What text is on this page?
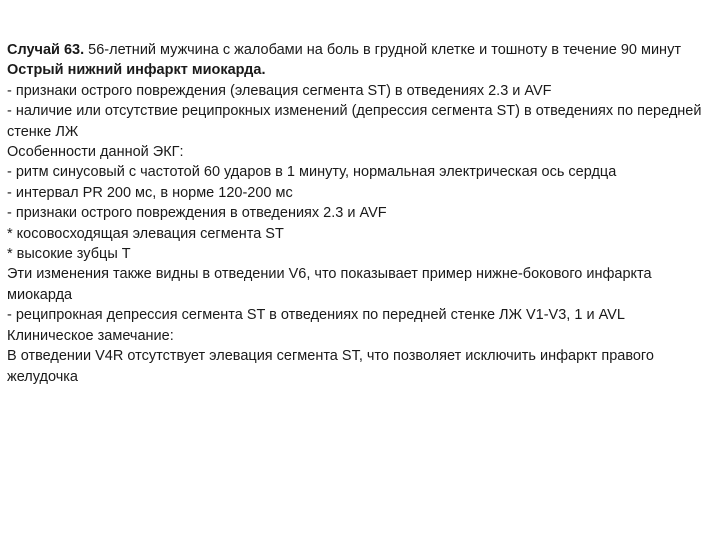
Случай 63. 56-летний мужчина с жалобами на боль в грудной клетке и тошноту в течение 90 минут

Острый нижний инфаркт миокарда.

- признаки острого повреждения (элевация сегмента ST) в отведениях 2.3 и AVF

- наличие или отсутствие реципрокных изменений (депрессия сегмента ST) в отведениях по передней стенке ЛЖ

Особенности данной ЭКГ:

- ритм синусовый с частотой 60 ударов в 1 минуту, нормальная электрическая ось сердца

- интервал PR 200 мс, в норме 120-200 мс

- признаки острого повреждения в отведениях 2.3 и AVF

* косовосходящая элевация сегмента ST

* высокие зубцы T

Эти изменения также видны в отведении V6, что показывает пример нижне-бокового инфаркта миокарда

- реципрокная депрессия сегмента ST в отведениях по передней стенке ЛЖ V1-V3, 1 и AVL

Клиническое замечание:

В отведении V4R отсутствует элевация сегмента ST, что позволяет исключить инфаркт правого желудочка
